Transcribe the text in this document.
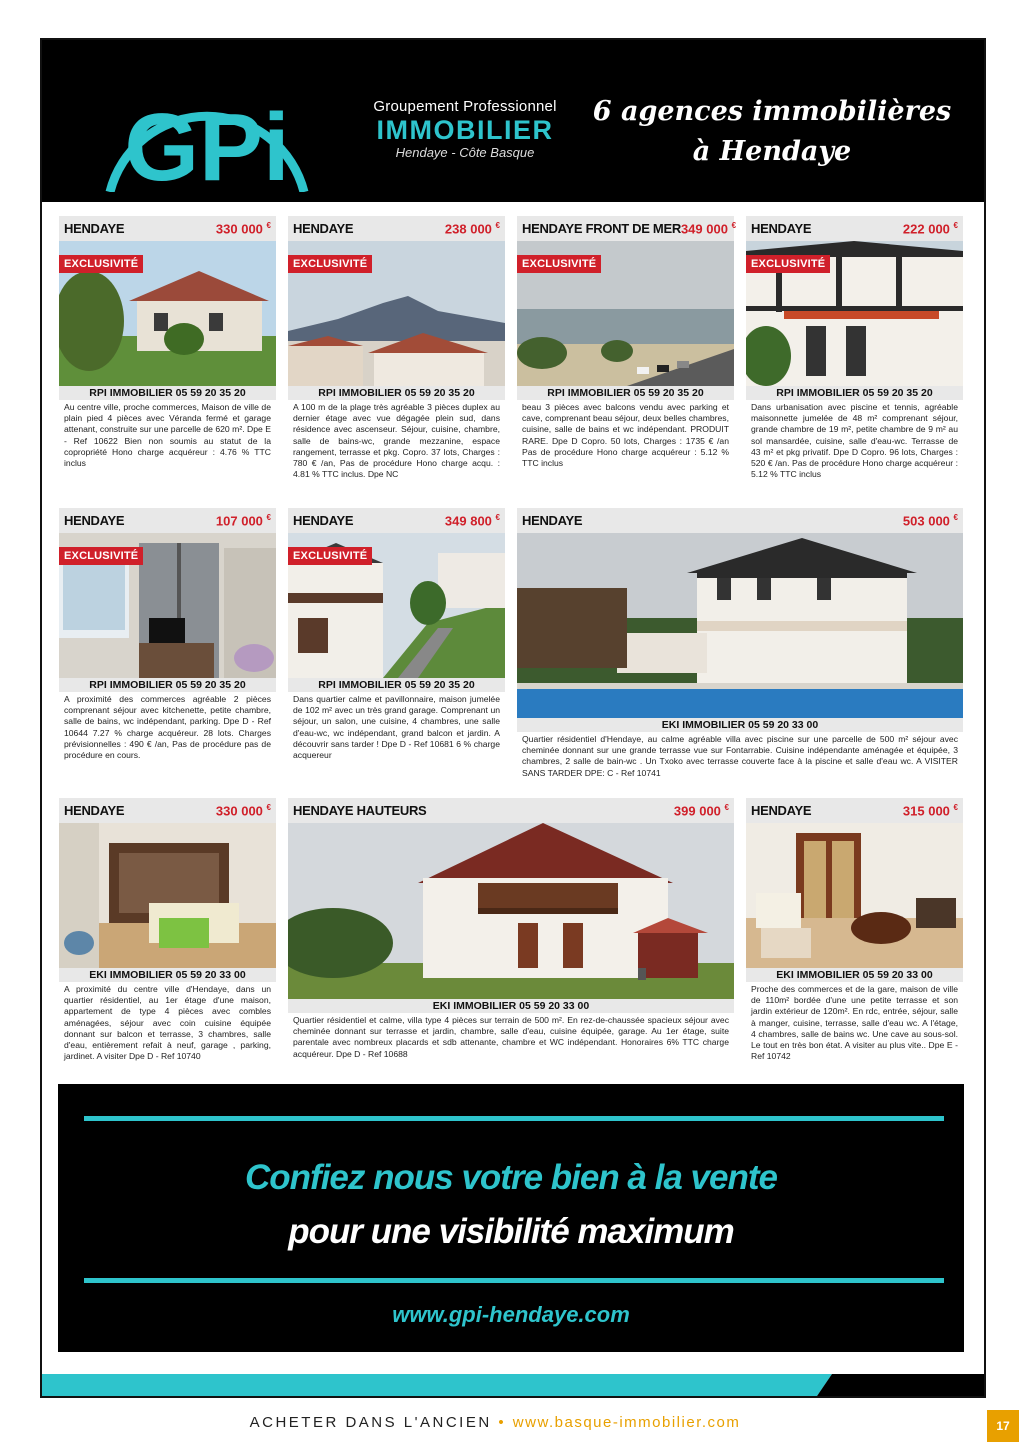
GPi	Groupement Professionnel
IMMOBILIER
Hendaye - Côte Basque
6 agences immobilières
à Hendaye
HENDAYE	330 000 €
EXCLUSIVITÉ
RPI IMMOBILIER 05 59 20 35 20
Au centre ville, proche commerces, Maison de ville de plain pied 4 pièces avec Véranda fermé et garage attenant, construite sur une parcelle de 620 m². Dpe E - Ref 10622 Bien non soumis au statut de la copropriété Hono charge acquéreur : 4.76 % TTC inclus
HENDAYE	238 000 €
EXCLUSIVITÉ
RPI IMMOBILIER 05 59 20 35 20
A 100 m de la plage très agréable 3 pièces duplex au dernier étage avec vue dégagée plein sud, dans résidence avec ascenseur. Séjour, cuisine, chambre, salle de bains-wc, grande mezzanine, espace rangement, terrasse et pkg. Copro. 37 lots, Charges : 780 € /an, Pas de procédure Hono charge acqu. : 4.81 % TTC inclus. Dpe NC
HENDAYE FRONT DE MER 349 000 €
EXCLUSIVITÉ
RPI IMMOBILIER 05 59 20 35 20
beau 3 pièces avec balcons vendu avec parking et cave, comprenant beau séjour, deux belles chambres, cuisine, salle de bains et wc indépendant. PRODUIT RARE. Dpe D Copro. 50 lots, Charges : 1735 € /an Pas de procédure Hono charge acquéreur : 5.12 % TTC inclus
HENDAYE	222 000 €
EXCLUSIVITÉ
RPI IMMOBILIER 05 59 20 35 20
Dans urbanisation avec piscine et tennis, agréable maisonnette jumelée de 48 m² comprenant séjour, grande chambre de 19 m², petite chambre de 9 m² au sol mansardée, cuisine, salle d'eau-wc. Terrasse de 43 m² et pkg privatif. Dpe D Copro. 96 lots, Charges : 520 € /an. Pas de procédure Hono charge acquéreur : 5.12 % TTC inclus
HENDAYE	107 000 €
EXCLUSIVITÉ
RPI IMMOBILIER 05 59 20 35 20
A proximité des commerces agréable 2 pièces comprenant séjour avec kitchenette, petite chambre, salle de bains, wc indépendant, parking. Dpe D - Ref 10644 7.27 % charge acquéreur. 28 lots. Charges prévisionnelles : 490 € /an, Pas de procédure pas de procédure en cours.
HENDAYE	349 800 €
EXCLUSIVITÉ
RPI IMMOBILIER 05 59 20 35 20
Dans quartier calme et pavillonnaire, maison jumelée de 102 m² avec un très grand garage. Comprenant un séjour, un salon, une cuisine, 4 chambres, une salle d'eau-wc, wc indépendant, grand balcon et jardin. A découvrir sans tarder ! Dpe D - Ref 10681 6 % charge acquereur
HENDAYE	503 000 €
EKI IMMOBILIER 05 59 20 33 00
Quartier résidentiel d'Hendaye, au calme agréable villa avec piscine sur une parcelle de 500 m² séjour avec cheminée donnant sur une grande terrasse vue sur Fontarrabie. Cuisine indépendante aménagée et équipée, 3 chambres, 2 salle de bain-wc . Un Txoko avec terrasse couverte face à la piscine et salle d'eau wc. A VISITER SANS TARDER DPE: C - Ref 10741
HENDAYE	330 000 €
EKI IMMOBILIER 05 59 20 33 00
A proximité du centre ville d'Hendaye, dans un quartier résidentiel, au 1er étage d'une maison, appartement de type 4 pièces avec combles aménagées, séjour avec coin cuisine équipée donnant sur balcon et terrasse, 3 chambres, salle d'eau, entièrement refait à neuf, garage , parking, jardinet. A visiter Dpe D - Ref 10740
HENDAYE HAUTEURS	399 000 €
EKI IMMOBILIER 05 59 20 33 00
Quartier résidentiel et calme, villa type 4 pièces sur terrain de 500 m². En rez-de-chaussée spacieux séjour avec cheminée donnant sur terrasse et jardin, chambre, salle d'eau, cuisine équipée, garage. Au 1er étage, suite parentale avec nombreux placards et sdb attenante, chambre et WC indépendant. Honoraires 6% TTC charge acquéreur. Dpe D - Ref 10688
HENDAYE	315 000 €
EKI IMMOBILIER 05 59 20 33 00
Proche des commerces et de la gare, maison de ville de 110m² bordée d'une une petite terrasse et son jardin extérieur de 120m². En rdc, entrée, séjour, salle à manger, cuisine, terrasse, salle d'eau wc. A l'étage, 4 chambres, salle de bains wc. Une cave au sous-sol. Le tout en très bon état. A visiter au plus vite.. Dpe E - Ref 10742
Confiez nous votre bien à la vente
pour une visibilité maximum
www.gpi-hendaye.com
ACHETER DANS L'ANCIEN • www.basque-immobilier.com	17
